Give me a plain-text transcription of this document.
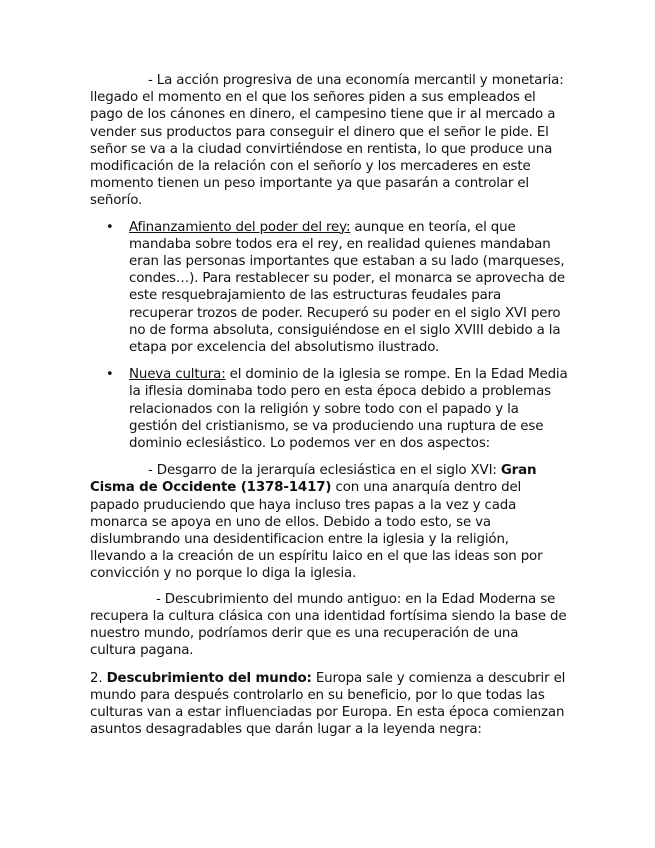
- La acción progresiva de una economía mercantil y monetaria: llegado el momento en el que los señores piden a sus empleados el pago de los cánones en dinero, el campesino tiene que ir al mercado a vender sus productos para conseguir el dinero que el señor le pide. El señor se va a la ciudad convirtiéndose en rentista, lo que produce una modificación de la relación con el señorío y los mercaderes en este momento tienen un peso importante ya que pasarán a controlar el señorío.

• Afinanzamiento del poder del rey: aunque en teoría, el que mandaba sobre todos era el rey, en realidad quienes mandaban eran las personas importantes que estaban a su lado (marqueses, condes…). Para restablecer su poder, el monarca se aprovecha de este resquebrajamiento de las estructuras feudales para recuperar trozos de poder. Recuperó su poder en el siglo XVI pero no de forma absoluta, consiguiéndose en el siglo XVIII debido a la etapa por excelencia del absolutismo ilustrado.
• Nueva cultura: el dominio de la iglesia se rompe. En la Edad Media la iflesia dominaba todo pero en esta época debido a problemas relacionados con la religión y sobre todo con el papado y la gestión del cristianismo, se va produciendo una ruptura de ese dominio eclesiástico. Lo podemos ver en dos aspectos:

- Desgarro de la jerarquía eclesiástica en el siglo XVI: Gran Cisma de Occidente (1378-1417) con una anarquía dentro del papado pruduciendo que haya incluso tres papas a la vez y cada monarca se apoya en uno de ellos. Debido a todo esto, se va dislumbrando una desidentificacion entre la iglesia y la religión, llevando a la creación de un espíritu laico en el que las ideas son por convicción y no porque lo diga la iglesia.

- Descubrimiento del mundo antiguo: en la Edad Moderna se recupera la cultura clásica con una identidad fortísima siendo la base de nuestro mundo, podríamos derir que es una recuperación de una cultura pagana.

2. Descubrimiento del mundo: Europa sale y comienza a descubrir el mundo para después controlarlo en su beneficio, por lo que todas las culturas van a estar influenciadas por Europa. En esta época comienzan asuntos desagradables que darán lugar a la leyenda negra:
